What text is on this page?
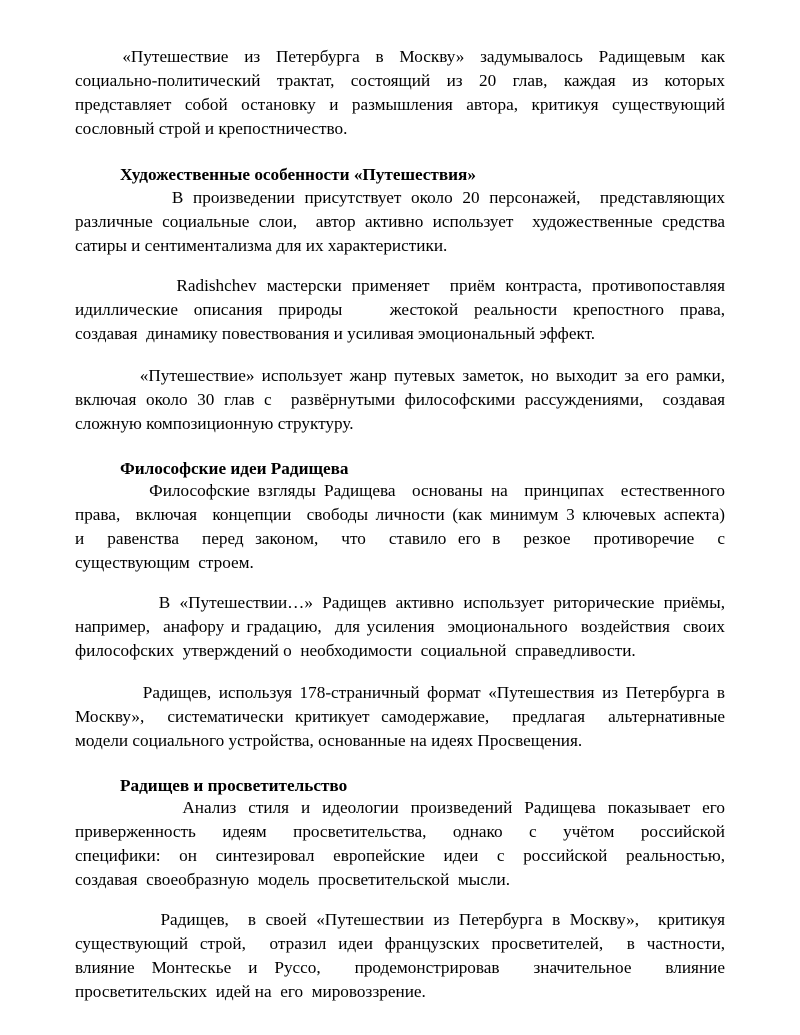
«Путешествие из Петербурга в Москву» задумывалось Радищевым как
социально-политический трактат, состоящий из 20 глав, каждая из которых
представляет собой остановку и размышления автора, критикуя существующий
сословный строй и крепостничество.
Художественные особенности «Путешествия»
В произведении присутствует около 20 персонажей,  представляющих
различные социальные слои,  автор активно использует  художественные средства
сатиры и сентиментализма для их характеристики.
Radishchev мастерски применяет  приём контраста, противопоставляя
идиллические описания природы   жестокой реальности крепостного права,
создавая  динамику повествования и усиливая эмоциональный эффект.
«Путешествие» использует жанр путевых заметок, но выходит за его рамки,
включая около 30 глав с  развёрнутыми философскими рассуждениями,  создавая
сложную композиционную структуру.
Философские идеи Радищева
Философские взгляды Радищева  основаны на  принципах  естественного
права,  включая  концепции  свободы личности (как минимум 3 ключевых аспекта)
и  равенства  перед законом,  что  ставило его в  резкое  противоречие  с
существующим  строем.
В «Путешествии…» Радищев активно использует риторические приёмы,
например,  анафору и градацию,  для усиления  эмоционального  воздействия  своих
философских  утверждений о  необходимости  социальной  справедливости.
Радищев, используя 178-страничный формат «Путешествия из Петербурга в
Москву»,  систематически критикует самодержавие,  предлагая  альтернативные
модели социального устройства, основанные на идеях Просвещения.
Радищев и просветительство
Анализ стиля и идеологии произведений Радищева показывает его
приверженность идеям просветительства, однако с учётом российской
специфики: он синтезировал европейские идеи с российской реальностью,
создавая  своеобразную  модель  просветительской  мысли.
Радищев,  в своей «Путешествии из Петербурга в Москву»,  критикуя
существующий строй,  отразил идеи французских просветителей,  в частности,
влияние Монтескье и Руссо,  продемонстрировав  значительное  влияние
просветительских  идей на  его  мировоззрение.
